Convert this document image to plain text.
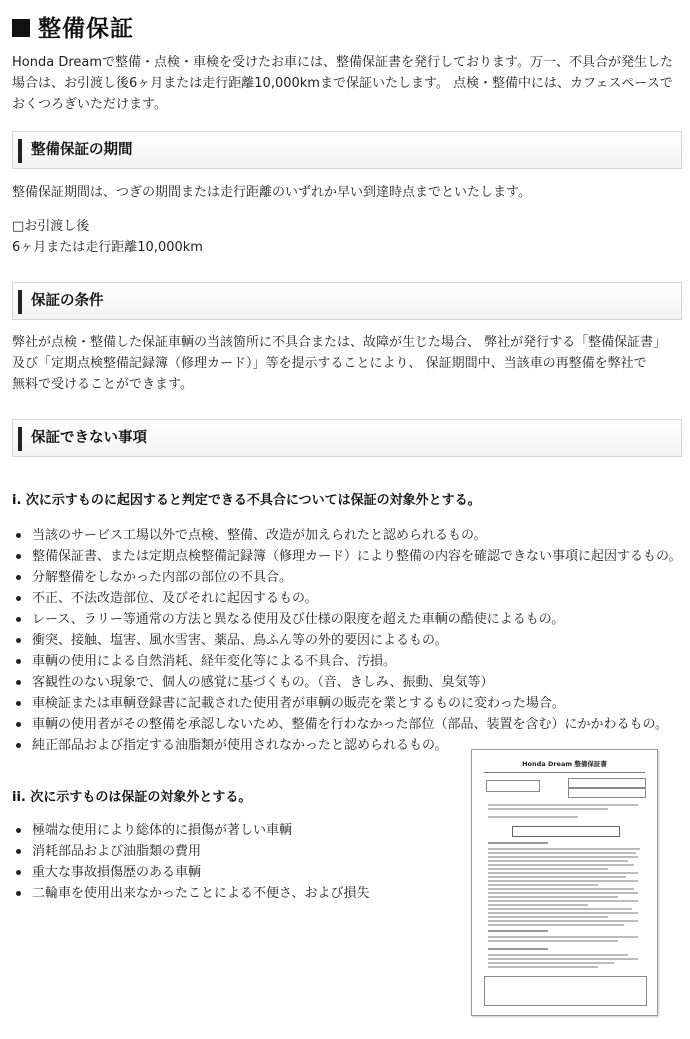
整備保証
Honda Dreamで整備・点検・車検を受けたお車には、整備保証書を発行しております。万一、不具合が発生した
場合は、お引渡し後6ヶ月または走行距離10,000kmまで保証いたします。 点検・整備中には、カフェスペースで
おくつろぎいただけます。
整備保証の期間
整備保証期間は、つぎの期間または走行距離のいずれか早い到達時点までといたします。
□お引渡し後
6ヶ月または走行距離10,000km
保証の条件
弊社が点検・整備した保証車輌の当該箇所に不具合または、故障が生じた場合、 弊社が発行する「整備保証書」
及び「定期点検整備記録簿（修理カード）」等を提示することにより、 保証期間中、当該車の再整備を弊社で
無料で受けることができます。
保証できない事項
i. 次に示すものに起因すると判定できる不具合については保証の対象外とする。
当該のサービス工場以外で点検、整備、改造が加えられたと認められるもの。
整備保証書、または定期点検整備記録簿（修理カード）により整備の内容を確認できない事項に起因するもの。
分解整備をしなかった内部の部位の不具合。
不正、不法改造部位、及びそれに起因するもの。
レース、ラリー等通常の方法と異なる使用及び仕様の限度を超えた車輌の酷使によるもの。
衝突、接触、塩害、風水雪害、薬品、鳥ふん等の外的要因によるもの。
車輌の使用による自然消耗、経年変化等による不具合、汚損。
客観性のない現象で、個人の感覚に基づくもの。（音、きしみ、振動、臭気等）
車検証または車輌登録書に記載された使用者が車輌の販売を業とするものに変わった場合。
車輌の使用者がその整備を承認しないため、整備を行わなかった部位（部品、装置を含む）にかかわるもの。
純正部品および指定する油脂類が使用されなかったと認められるもの。
ii. 次に示すものは保証の対象外とする。
極端な使用により総体的に損傷が著しい車輌
消耗部品および油脂類の費用
重大な事故損傷歴のある車輌
二輪車を使用出来なかったことによる不便さ、および損失
Honda Dream 整備保証書
